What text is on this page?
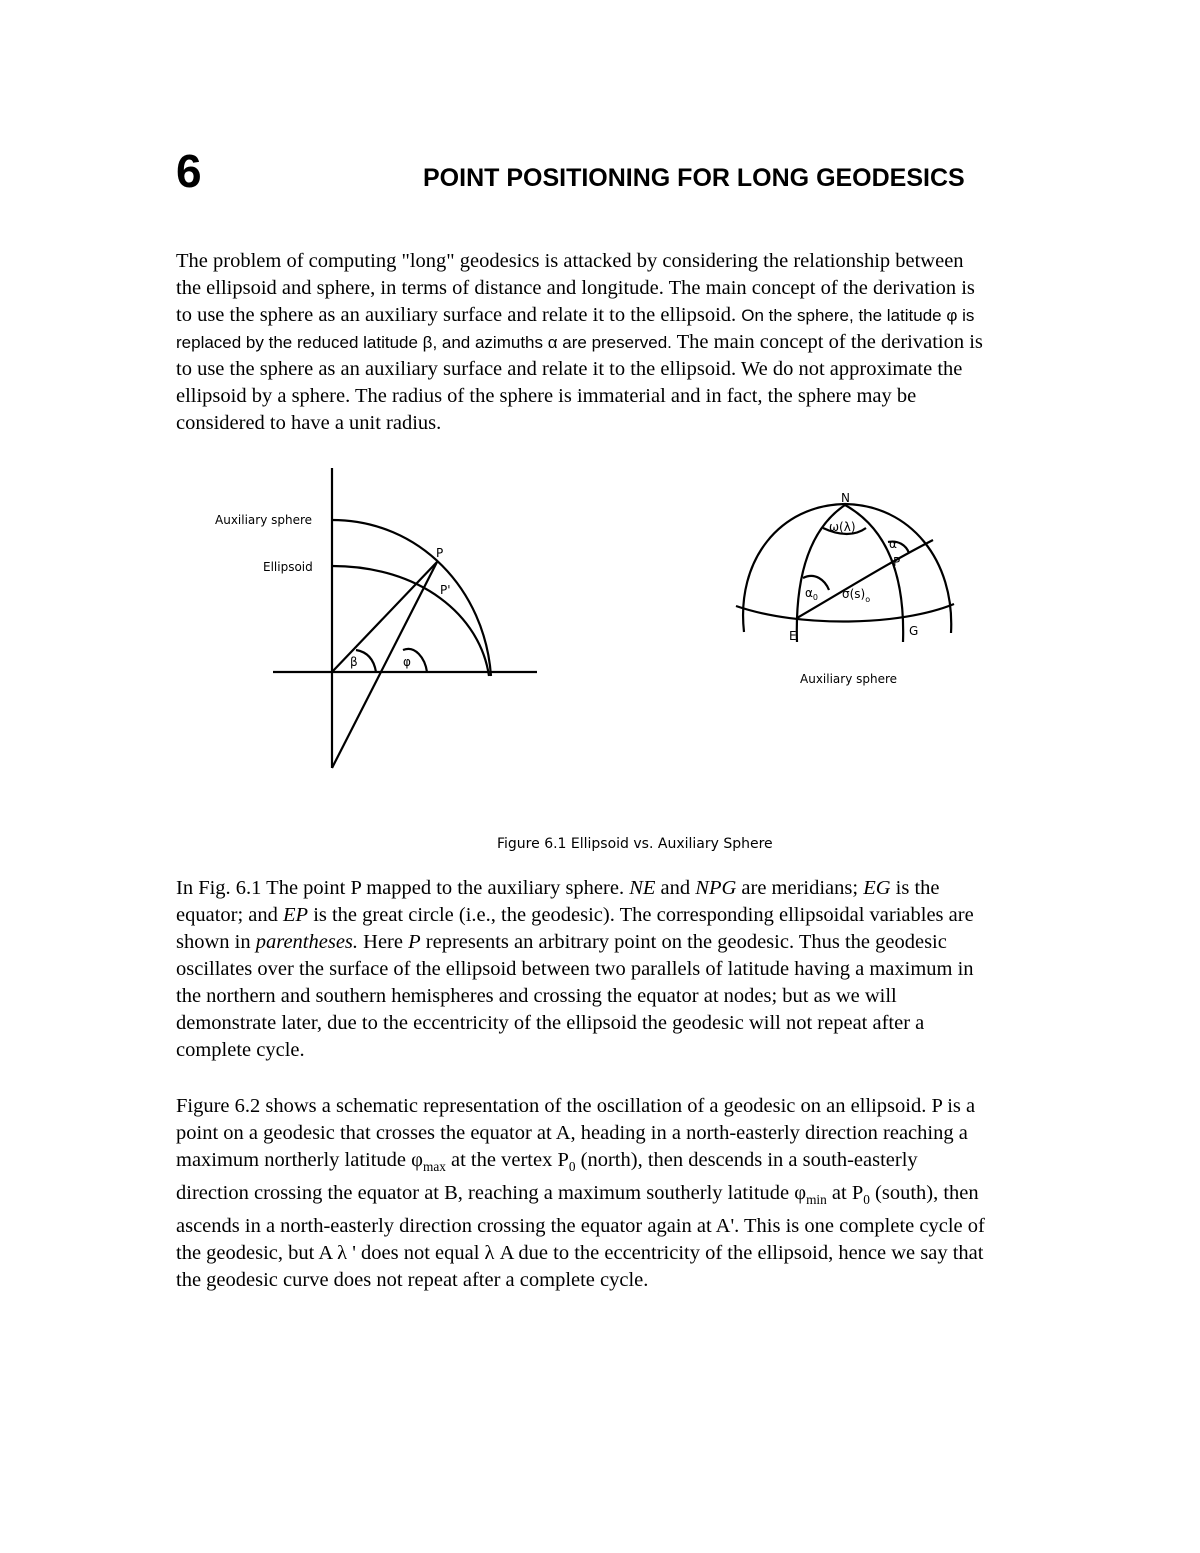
6	POINT POSITIONING FOR LONG GEODESICS
The problem of computing "long" geodesics is attacked by considering the relationship between
the ellipsoid and sphere, in terms of distance and longitude. The main concept of the derivation is
to use the sphere as an auxiliary surface and relate it to the ellipsoid. On the sphere, the latitude φ is
replaced by the reduced latitude β, and azimuths α are preserved. The main concept of the derivation is
to use the sphere as an auxiliary surface and relate it to the ellipsoid. We do not approximate the
ellipsoid by a sphere. The radius of the sphere is immaterial and in fact, the sphere may be
considered to have a unit radius.
Auxiliary sphere
Ellipsoid
P
P'
β	φ
N
ω(λ)
α
P
$\alpha_0$ $\sigma(s)_o$
E	G
Auxiliary sphere
Figure 6.1 Ellipsoid vs. Auxiliary Sphere
In Fig. 6.1 The point P mapped to the auxiliary sphere. NE and NPG are meridians; EG is the
equator; and EP is the great circle (i.e., the geodesic). The corresponding ellipsoidal variables are
shown in parentheses. Here P represents an arbitrary point on the geodesic. Thus the geodesic
oscillates over the surface of the ellipsoid between two parallels of latitude having a maximum in
the northern and southern hemispheres and crossing the equator at nodes; but as we will
demonstrate later, due to the eccentricity of the ellipsoid the geodesic will not repeat after a
complete cycle.
Figure 6.2 shows a schematic representation of the oscillation of a geodesic on an ellipsoid. P is a
point on a geodesic that crosses the equator at A, heading in a north-easterly direction reaching a
maximum northerly latitude $\varphi_{max}$ at the vertex $P_0$ (north), then descends in a south-easterly
direction crossing the equator at B, reaching a maximum southerly latitude $\varphi_{min}$ at $P_0$ (south), then
ascends in a north-easterly direction crossing the equator again at A'. This is one complete cycle of
the geodesic, but A λ ' does not equal λ A due to the eccentricity of the ellipsoid, hence we say that
the geodesic curve does not repeat after a complete cycle.
